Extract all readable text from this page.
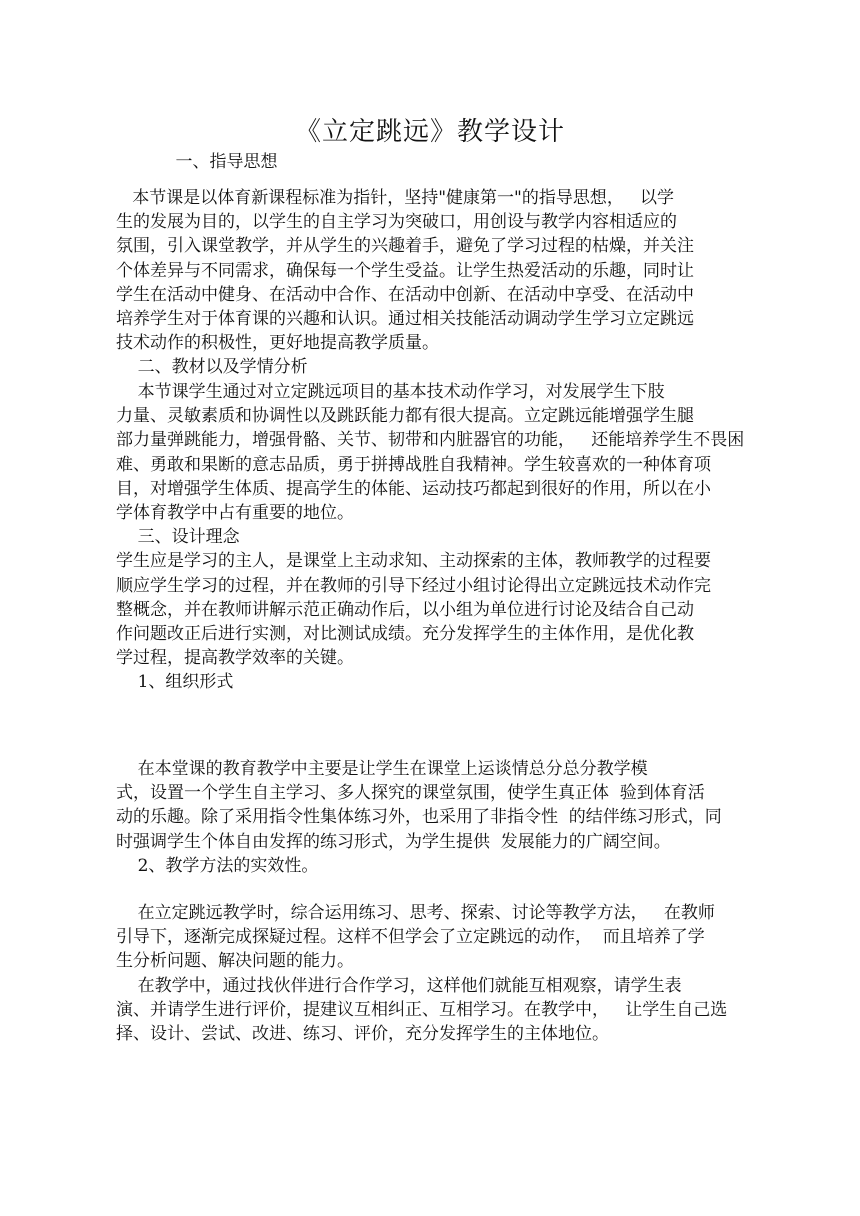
《立定跳远》教学设计
一、指导思想
本节课是以体育新课程标准为指针，坚持"健康第一"的指导思想，   以学
生的发展为目的，以学生的自主学习为突破口，用创设与教学内容相适应的
氛围，引入课堂教学，并从学生的兴趣着手，避免了学习过程的枯燥，并关注
个体差异与不同需求，确保每一个学生受益。让学生热爱活动的乐趣，同时让
学生在活动中健身、在活动中合作、在活动中创新、在活动中享受、在活动中
培养学生对于体育课的兴趣和认识。通过相关技能活动调动学生学习立定跳远
技术动作的积极性，更好地提高教学质量。
二、教材以及学情分析
本节课学生通过对立定跳远项目的基本技术动作学习，对发展学生下肢
力量、灵敏素质和协调性以及跳跃能力都有很大提高。立定跳远能增强学生腿
部力量弹跳能力，增强骨骼、关节、韧带和内脏器官的功能，   还能培养学生不畏困
难、勇敢和果断的意志品质，勇于拼搏战胜自我精神。学生较喜欢的一种体育项
目，对增强学生体质、提高学生的体能、运动技巧都起到很好的作用，所以在小
学体育教学中占有重要的地位。
三、设计理念
学生应是学习的主人，是课堂上主动求知、主动探索的主体，教师教学的过程要
顺应学生学习的过程，并在教师的引导下经过小组讨论得出立定跳远技术动作完
整概念，并在教师讲解示范正确动作后，以小组为单位进行讨论及结合自己动
作问题改正后进行实测，对比测试成绩。充分发挥学生的主体作用，是优化教
学过程，提高教学效率的关键。
1、组织形式
在本堂课的教育教学中主要是让学生在课堂上运谈情总分总分教学模
式，设置一个学生自主学习、多人探究的课堂氛围，使学生真正体  验到体育活
动的乐趣。除了采用指令性集体练习外，也采用了非指令性  的结伴练习形式，同
时强调学生个体自由发挥的练习形式，为学生提供  发展能力的广阔空间。
2、教学方法的实效性。
在立定跳远教学时，综合运用练习、思考、探索、讨论等教学方法，   在教师
引导下，逐渐完成探疑过程。这样不但学会了立定跳远的动作，  而且培养了学
生分析问题、解决问题的能力。
在教学中，通过找伙伴进行合作学习，这样他们就能互相观察，请学生表
演、并请学生进行评价，提建议互相纠正、互相学习。在教学中，   让学生自己选
择、设计、尝试、改进、练习、评价，充分发挥学生的主体地位。
